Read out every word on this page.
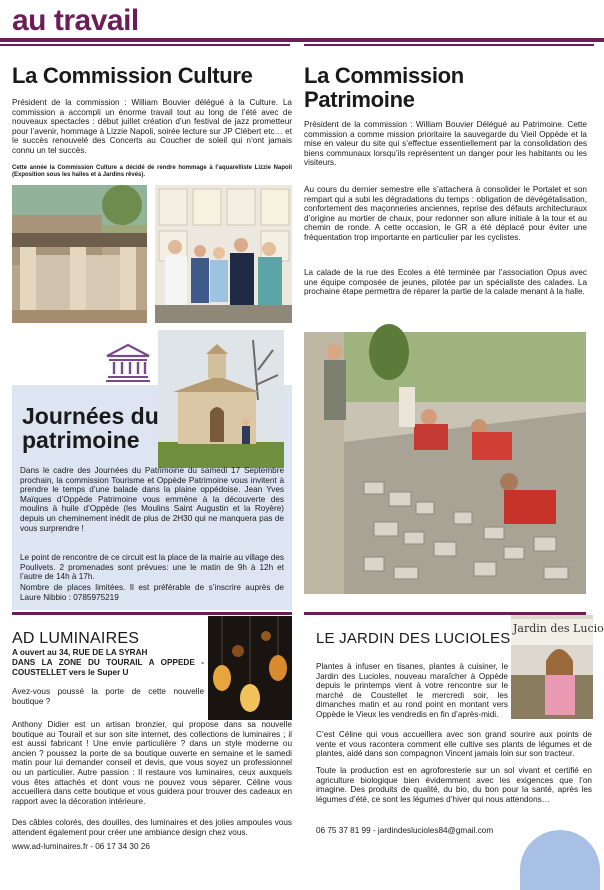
au travail
La Commission Culture
Président de la commission : William Bouvier délégué à la Culture. La commission a accompli un énorme travail tout au long de l’été avec de nouveaux spectacles : début juillet création d’un festival de jazz prometteur pour l’avenir, hommage à Lizzie Napoli, soirée lecture sur JP Clébert etc… et le succès renouvelé des Concerts au Coucher de soleil qui n’ont jamais connu un tel succès.
Cette année la Commission Culture a décidé de rendre hommage à l’aquarelliste Lizzie Napoli (Exposition sous les halles et à Jardins rêvés).
La Commission
Patrimoine
Président de la commission : William Bouvier Délégué au Patrimoine. Cette commission a comme mission prioritaire la sauvegarde du Vieil Oppède et la mise en valeur du site qui s’effectue essentiellement par la consolidation des biens communaux lorsqu’ils représentent un danger pour les habitants ou les visiteurs.
Au cours du dernier semestre elle s’attachera à consolider le Portalet et son rempart qui a subi les dégradations du temps : obligation de dévégétalisation, confortement des maçonneries anciennes, reprise des défauts architecturaux d’origine au mortier de chaux, pour redonner son allure initiale à la tour et au chemin de ronde. A cette occasion, le GR a été déplacé pour éviter une fréquentation trop importante en particulier par les cyclistes.
La calade de la rue des Ecoles a été terminée par l’association Opus avec une équipe composée de jeunes, pilotée par un spécialiste des calades. La prochaine étape permettra de réparer la partie de la calade menant à la halle.
Journées du
patrimoine
Dans le cadre des Journées du Patrimoine du samedi 17 Septembre prochain, la commission Tourisme et Oppède Patrimoine vous invitent à prendre le temps d’une balade dans la plaine oppédoise. Jean Yves Maïques d’Oppède Patrimoine vous emmène à la découverte des moulins à huile d’Oppède (les Moulins Saint Augustin et la Royère) depuis un cheminement inédit de plus de 2H30 qui ne manquera pas de vous surprendre !
Le point de rencontre de ce circuit est la place de la mairie au village des Poulivets. 2 promenades sont prévues: une le matin de 9h à 12h et l’autre de 14h à 17h.
Nombre de places limitées. Il est préférable de s’inscrire auprès de Laure Nibbio : 0785975219
AD LUMINAIRES
A ouvert au 34, RUE DE LA SYRAH
DANS LA ZONE DU TOURAIL A OPPEDE - COUSTELLET vers le Super U
Avez-vous poussé la porte de cette nouvelle boutique ?
Anthony Didier est un artisan bronzier, qui propose dans sa nouvelle boutique au Tourail et sur son site internet, des collections de luminaires ; il est aussi fabricant ! Une envie particulière ? dans un style moderne ou ancien ? poussez la porte de sa boutique ouverte en semaine et le samedi matin pour lui demander conseil et devis, que vous soyez un professionnel ou un particulier. Autre passion : Il restaure vos luminaires, ceux auxquels vous êtes attachés et dont vous ne pouvez vous séparer. Céline vous accueillera dans cette boutique et vous guidera pour trouver des cadeaux en rapport avec la décoration intérieure.
Des câbles colorés, des douilles, des luminaires et des jolies ampoules vous attendent également pour créer une ambiance design chez vous.
www.ad-luminaires.fr - 06 17 34 30 26
LE JARDIN DES LUCIOLES
Plantes à infuser en tisanes, plantes à cuisiner, le Jardin des Lucioles, nouveau maraîcher à Oppède depuis le printemps vient à votre rencontre sur le marché de Coustellet le mercredi soir, les dimanches matin et au rond point en montant vers Oppède le Vieux les vendredis en fin d’après-midi.
C’est Céline qui vous accueillera avec son grand sourire aux points de vente et vous racontera comment elle cultive ses plants de légumes et de plantes, aidé dans son compagnon Vincent jamais loin sur son tracteur.
Toute la production est en agroforesterie sur un sol vivant et certifié en agriculture biologique bien évidemment avec les exigences que l’on imagine. Des produits de qualité, du bio, du bon pour la santé, après les légumes d’été, ce sont les légumes d’hiver qui nous attendons…
06 75 37 81 99 - jardindeslucioles84@gmail.com
Jardin des Lucio
